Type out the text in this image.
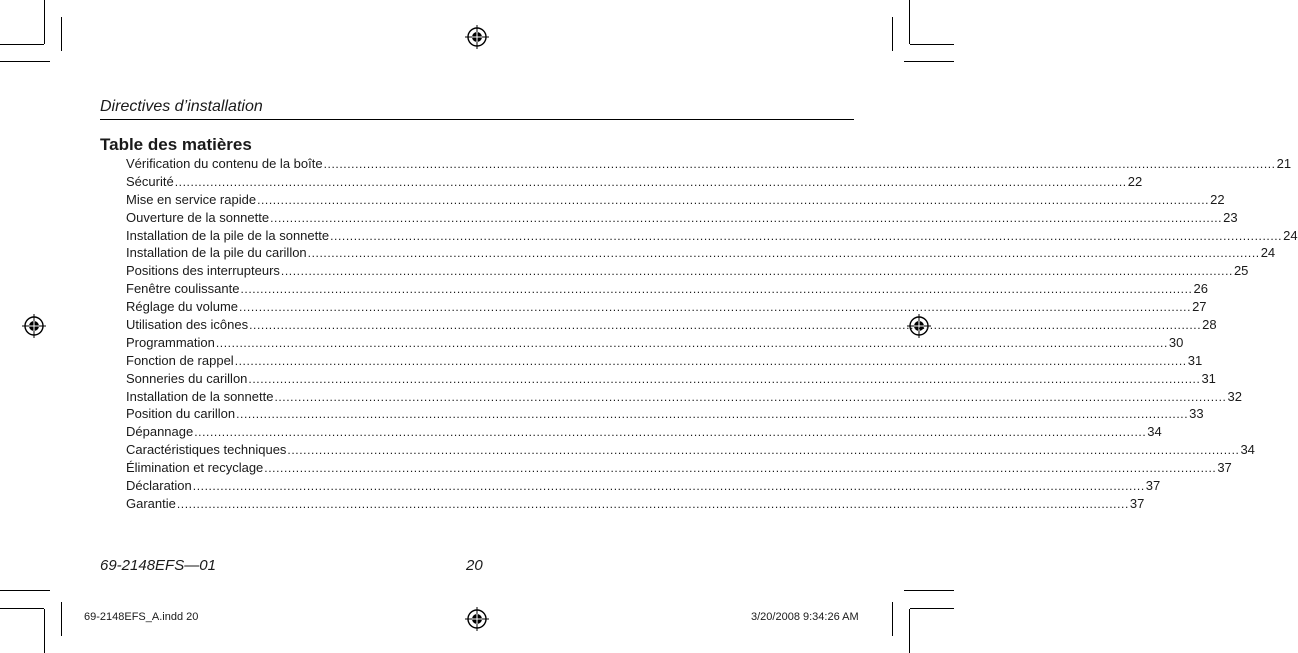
Directives d’installation
Table des matières
Vérification du contenu de la boîte .................................................................................................................................................................................................................................................. 21
Sécurité .................................................................................................................................................................................................................................................. 22
Mise en service rapide .................................................................................................................................................................................................................................................. 22
Ouverture de la sonnette .................................................................................................................................................................................................................................................. 23
Installation de la pile de la sonnette .................................................................................................................................................................................................................................................. 24
Installation de la pile du carillon .................................................................................................................................................................................................................................................. 24
Positions des interrupteurs .................................................................................................................................................................................................................................................. 25
Fenêtre coulissante .................................................................................................................................................................................................................................................. 26
Réglage du volume .................................................................................................................................................................................................................................................. 27
Utilisation des icônes .................................................................................................................................................................................................................................................. 28
Programmation .................................................................................................................................................................................................................................................. 30
Fonction de rappel .................................................................................................................................................................................................................................................. 31
Sonneries du carillon .................................................................................................................................................................................................................................................. 31
Installation de la sonnette .................................................................................................................................................................................................................................................. 32
Position du carillon .................................................................................................................................................................................................................................................. 33
Dépannage .................................................................................................................................................................................................................................................. 34
Caractéristiques techniques .................................................................................................................................................................................................................................................. 34
Élimination et recyclage .................................................................................................................................................................................................................................................. 37
Déclaration .................................................................................................................................................................................................................................................. 37
Garantie .................................................................................................................................................................................................................................................. 37
69-2148EFS—01	20
69-2148EFS_A.indd 20	3/20/2008 9:34:26 AM
